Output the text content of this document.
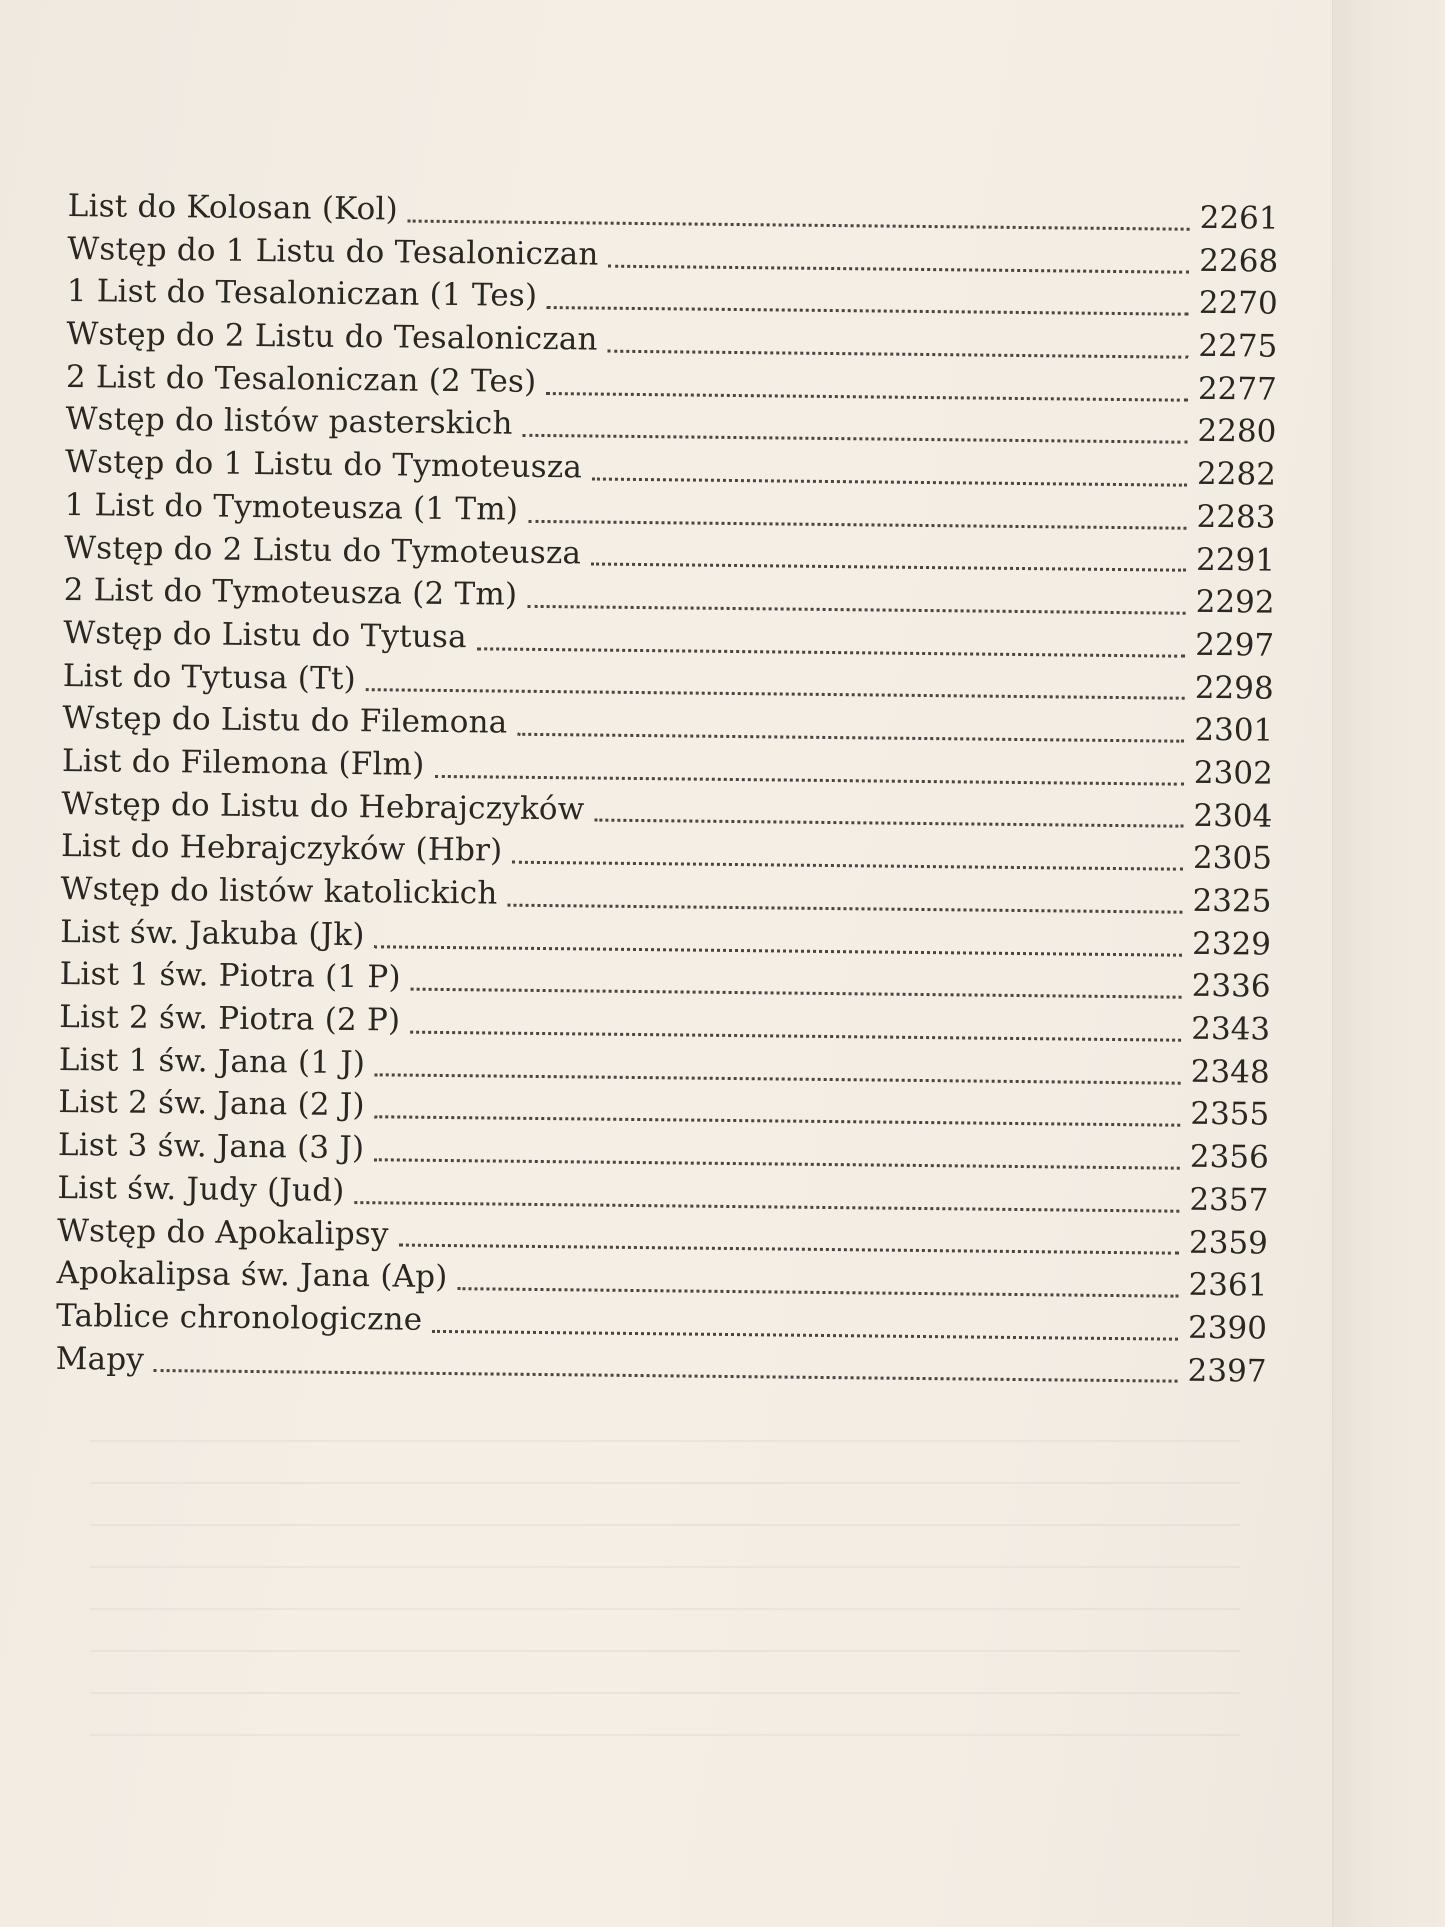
List do Kolosan (Kol)	2261
Wstęp do 1 Listu do Tesaloniczan	2268
1 List do Tesaloniczan (1 Tes)	2270
Wstęp do 2 Listu do Tesaloniczan	2275
2 List do Tesaloniczan (2 Tes)	2277
Wstęp do listów pasterskich	2280
Wstęp do 1 Listu do Tymoteusza	2282
1 List do Tymoteusza (1 Tm)	2283
Wstęp do 2 Listu do Tymoteusza	2291
2 List do Tymoteusza (2 Tm)	2292
Wstęp do Listu do Tytusa	2297
List do Tytusa (Tt)	2298
Wstęp do Listu do Filemona	2301
List do Filemona (Flm)	2302
Wstęp do Listu do Hebrajczyków	2304
List do Hebrajczyków (Hbr)	2305
Wstęp do listów katolickich	2325
List św. Jakuba (Jk)	2329
List 1 św. Piotra (1 P)	2336
List 2 św. Piotra (2 P)	2343
List 1 św. Jana (1 J)	2348
List 2 św. Jana (2 J)	2355
List 3 św. Jana (3 J)	2356
List św. Judy (Jud)	2357
Wstęp do Apokalipsy	2359
Apokalipsa św. Jana (Ap)	2361
Tablice chronologiczne	2390
Mapy	2397
